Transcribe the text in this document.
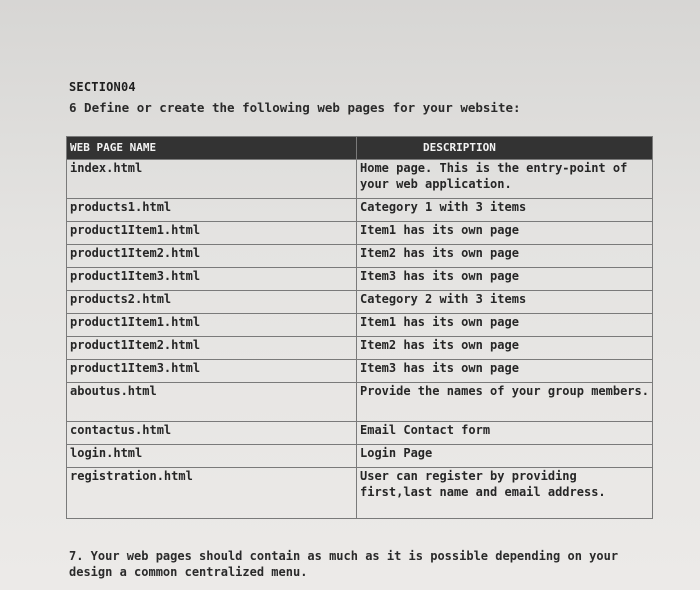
SECTION04
6 Define or create the following web pages for your website:
WEB PAGE NAME	DESCRIPTION
index.html	Home page. This is the entry-point of your web application.
products1.html	Category 1 with 3 items
product1Item1.html	Item1 has its own page
product1Item2.html	Item2 has its own page
product1Item3.html	Item3 has its own page
products2.html	Category 2 with 3 items
product1Item1.html	Item1 has its own page
product1Item2.html	Item2 has its own page
product1Item3.html	Item3 has its own page
aboutus.html	Provide the names of your group members.
contactus.html	Email Contact form
login.html	Login Page
registration.html	User can register by providing first,last name and email address.
7. Your web pages should contain as much as it is possible depending on your design a common centralized menu.
